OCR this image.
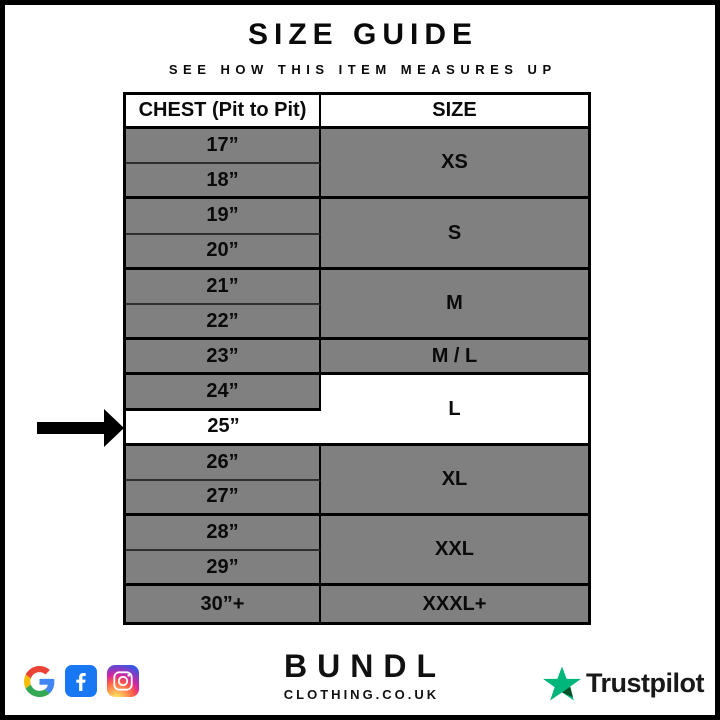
SIZE GUIDE
SEE HOW THIS ITEM MEASURES UP
CHEST (Pit to Pit)	SIZE
17”
18”
19”
20”
21”
22”
23”
24”
25”
26”
27”
28”
29”
30”+
XS
S
M
M / L
L
XL
XXL
XXXL+
BUNDL
CLOTHING.CO.UK	Trustpilot
